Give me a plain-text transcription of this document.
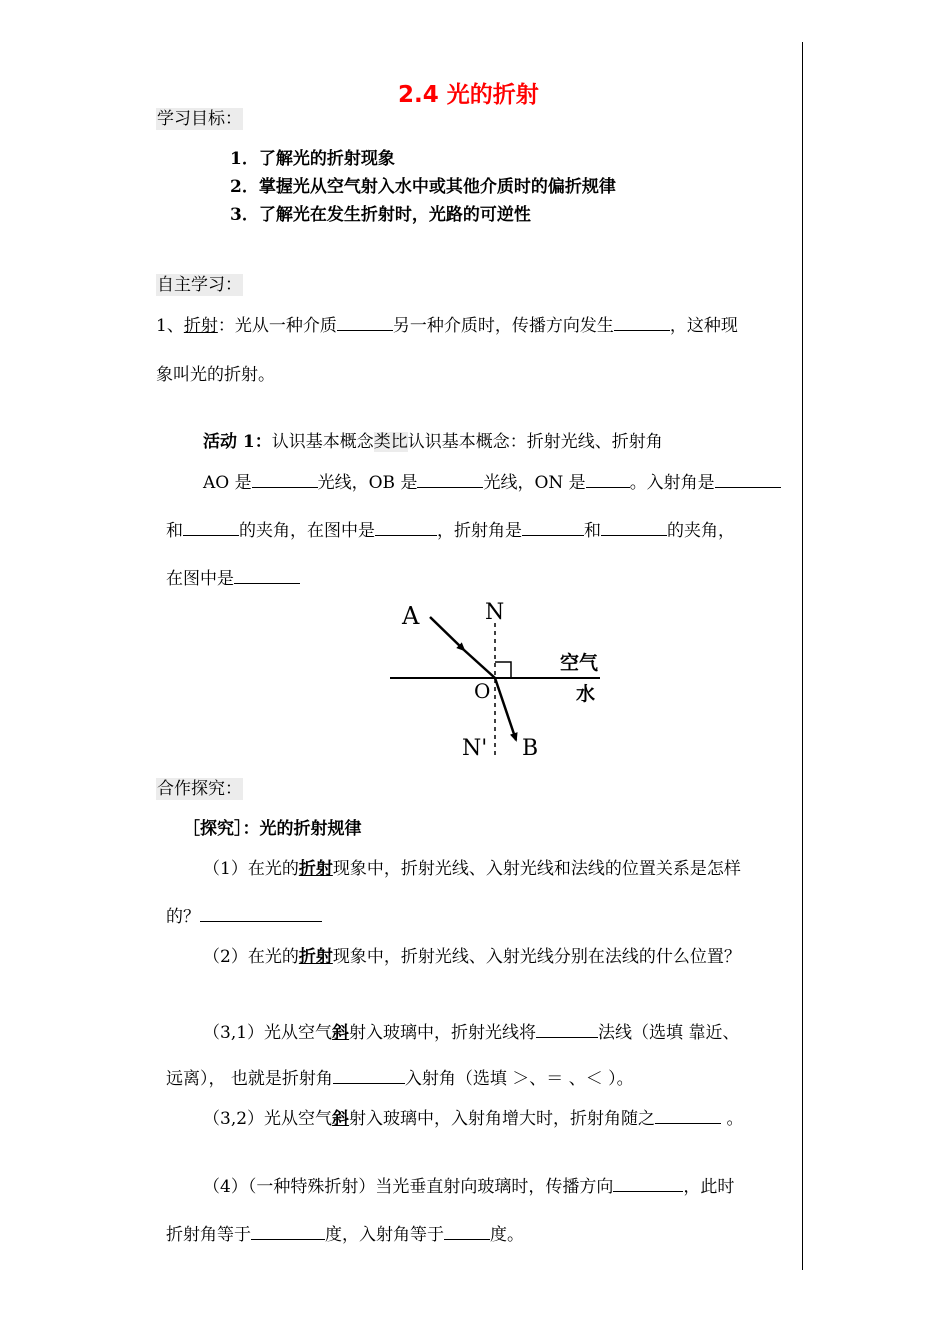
2.4 光的折射
学习目标：
1．了解光的折射现象
2．掌握光从空气射入水中或其他介质时的偏折规律
3．了解光在发生折射时，光路的可逆性
自主学习：
1、折射：光从一种介质	另一种介质时，传播方向发生	，这种现
象叫光的折射。
活动 1：认识基本概念类比认识基本概念：折射光线、折射角
AO 是	光线，OB 是	光线，ON 是	。入射角是
和	的夹角，在图中是	，折射角是	和	的夹角，
在图中是
A	N
O
N' B
空气
水
合作探究：
［探究］：光的折射规律
（1）在光的折射现象中，折射光线、入射光线和法线的位置关系是怎样
的？
（2）在光的折射现象中，折射光线、入射光线分别在法线的什么位置？
（3,1）光从空气斜射入玻璃中，折射光线将	法线（选填 靠近、
远离）， 也就是折射角	入射角（选填 ＞、＝ 、＜ ）。
（3,2）光从空气斜射入玻璃中，入射角增大时，折射角随之	。
（4）（一种特殊折射）当光垂直射向玻璃时，传播方向	，此时
折射角等于	度，入射角等于	度。
